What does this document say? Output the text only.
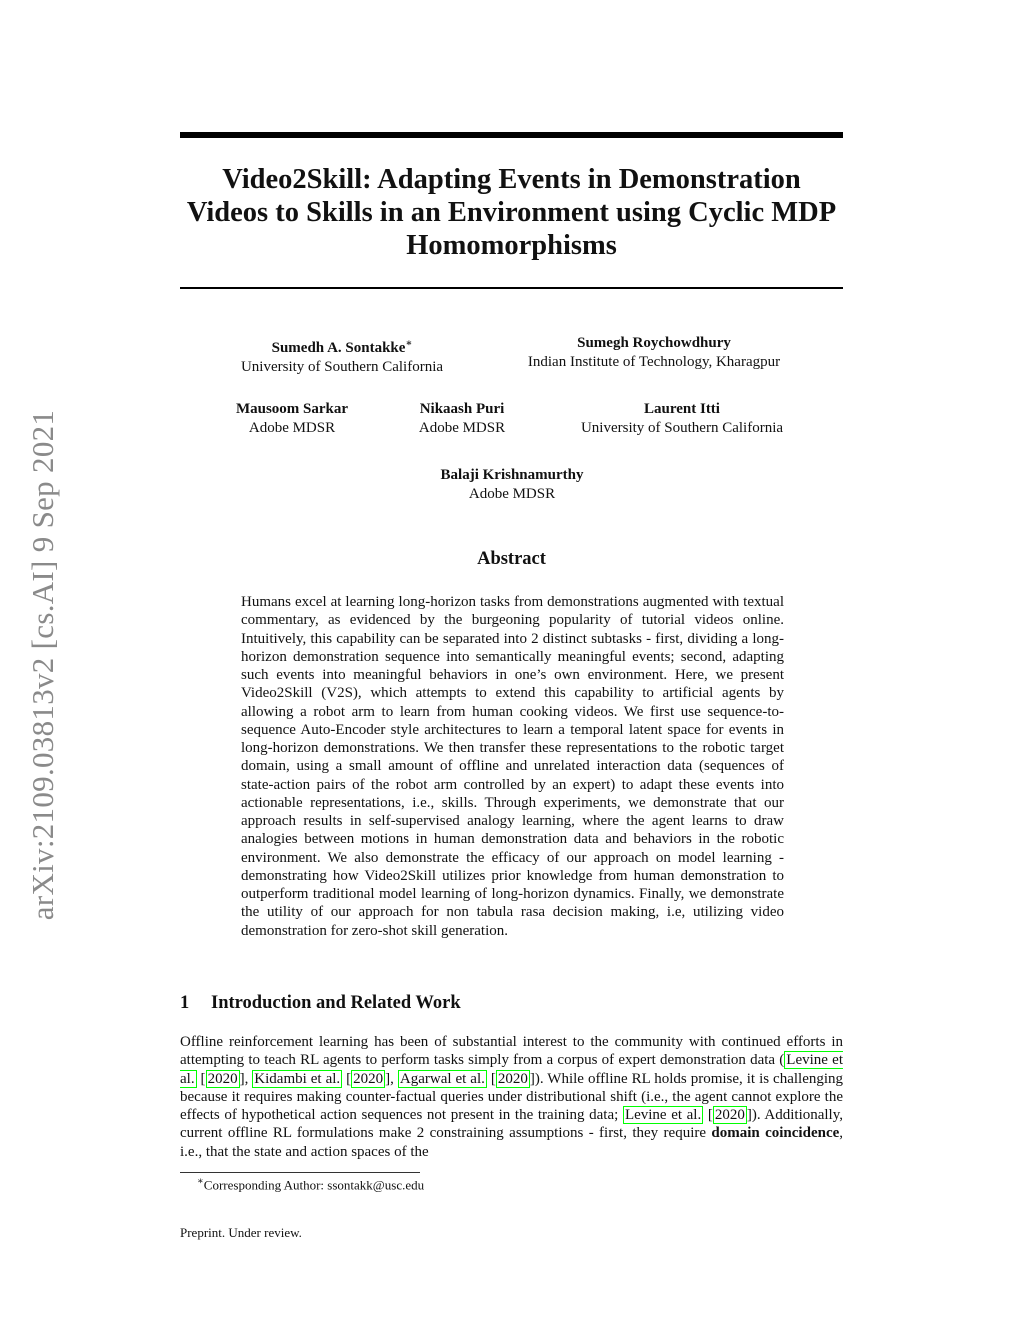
arXiv:2109.03813v2 [cs.AI] 9 Sep 2021
Video2Skill: Adapting Events in Demonstration Videos to Skills in an Environment using Cyclic MDP Homomorphisms
Sumedh A. Sontakke∗
University of Southern California
Sumegh Roychowdhury
Indian Institute of Technology, Kharagpur
Mausoom Sarkar
Adobe MDSR
Nikaash Puri
Adobe MDSR
Laurent Itti
University of Southern California
Balaji Krishnamurthy
Adobe MDSR
Abstract
Humans excel at learning long-horizon tasks from demonstrations augmented with textual commentary, as evidenced by the burgeoning popularity of tutorial videos online. Intuitively, this capability can be separated into 2 distinct subtasks - first, dividing a long-horizon demonstration sequence into semantically meaningful events; second, adapting such events into meaningful behaviors in one’s own environment. Here, we present Video2Skill (V2S), which attempts to extend this capability to artificial agents by allowing a robot arm to learn from human cooking videos. We first use sequence-to-sequence Auto-Encoder style architectures to learn a temporal latent space for events in long-horizon demonstrations. We then transfer these representations to the robotic target domain, using a small amount of offline and unrelated interaction data (sequences of state-action pairs of the robot arm controlled by an expert) to adapt these events into actionable representations, i.e., skills. Through experiments, we demonstrate that our approach results in self-supervised analogy learning, where the agent learns to draw analogies between motions in human demonstration data and behaviors in the robotic environment. We also demonstrate the efficacy of our approach on model learning - demonstrating how Video2Skill utilizes prior knowledge from human demonstration to outperform traditional model learning of long-horizon dynamics. Finally, we demonstrate the utility of our approach for non tabula rasa decision making, i.e, utilizing video demonstration for zero-shot skill generation.
1 Introduction and Related Work
Offline reinforcement learning has been of substantial interest to the community with continued efforts in attempting to teach RL agents to perform tasks simply from a corpus of expert demonstration data ( Levine et al. [ 2020 ], Kidambi et al. [ 2020 ], Agarwal et al. [ 2020 ]). While offline RL holds promise, it is challenging because it requires making counter-factual queries under distributional shift (i.e., the agent cannot explore the effects of hypothetical action sequences not present in the training data; Levine et al. [ 2020 ]). Additionally, current offline RL formulations make 2 constraining assumptions - first, they require domain coincidence, i.e., that the state and action spaces of the
∗Corresponding Author: ssontakk@usc.edu
Preprint. Under review.
